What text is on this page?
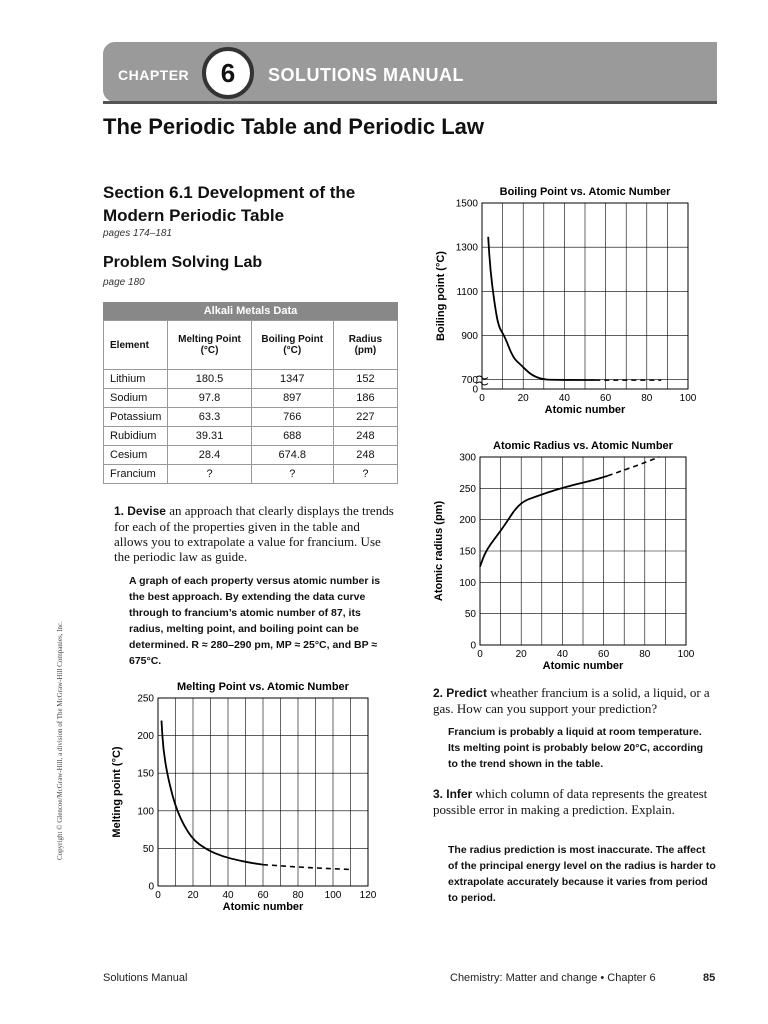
CHAPTER	6	SOLUTIONS MANUAL
The Periodic Table and Periodic Law
Section 6.1 Development of the Modern Periodic Table
pages 174–181
Problem Solving Lab
page 180
Alkali Metals Data
Element	Melting Point (°C)	Boiling Point (°C)	Radius (pm)
Lithium	180.5	1347	152
Sodium	97.8	897	186
Potassium	63.3	766	227
Rubidium	39.31	688	248
Cesium	28.4	674.8	248
Francium	?	?	?
1. Devise an approach that clearly displays the trends for each of the properties given in the table and allows you to extrapolate a value for francium. Use the periodic law as guide.
A graph of each property versus atomic number is the best approach. By extending the data curve through to francium’s atomic number of 87, its radius, melting point, and boiling point can be determined. R ≈ 280–290 pm, MP ≈ 25°C, and BP ≈ 675°C.
2. Predict wheather francium is a solid, a liquid, or a gas. How can you support your prediction?
Francium is probably a liquid at room temperature. Its melting point is probably below 20°C, according to the trend shown in the table.
3. Infer which column of data represents the greatest possible error in making a prediction. Explain.
The radius prediction is most inaccurate. The affect of the principal energy level on the radius is harder to extrapolate accurately because it varies from period to period.
Boiling Point vs. Atomic Number
0
700
900
1100
1300
1500
0	20	40	60	80	100
Atomic number
Boiling point (°C)
Atomic Radius vs. Atomic Number
0
50
100
150
200
250
300
0	20	40	60	80	100
Atomic number
Atomic radius (pm)
Melting Point vs. Atomic Number
0
50
100
150
200
250
0	20 40 60 80 100 120
Atomic number
Melting point (°C)
Solutions Manual	Chemistry: Matter and change • Chapter 6	85
Copyright © Glencoe/McGraw-Hill, a division of The McGraw-Hill Companies, Inc.
